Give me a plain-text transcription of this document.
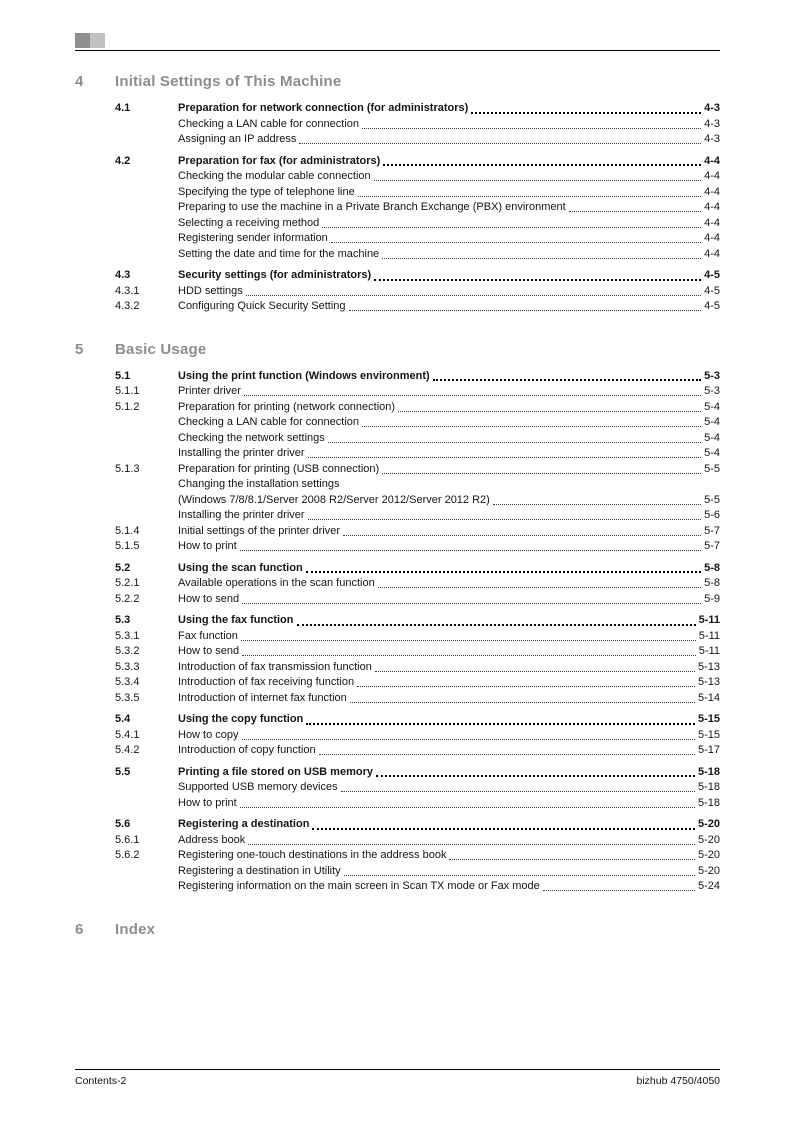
4	Initial Settings of This Machine
4.1	Preparation for network connection (for administrators)	4-3
Checking a LAN cable for connection	4-3
Assigning an IP address	4-3
4.2	Preparation for fax (for administrators)	4-4
Checking the modular cable connection	4-4
Specifying the type of telephone line	4-4
Preparing to use the machine in a Private Branch Exchange (PBX) environment	4-4
Selecting a receiving method	4-4
Registering sender information	4-4
Setting the date and time for the machine	4-4
4.3	Security settings (for administrators)	4-5
4.3.1	HDD settings	4-5
4.3.2	Configuring Quick Security Setting	4-5
5	Basic Usage
5.1	Using the print function (Windows environment)	5-3
5.1.1	Printer driver	5-3
5.1.2	Preparation for printing (network connection)	5-4
Checking a LAN cable for connection	5-4
Checking the network settings	5-4
Installing the printer driver	5-4
5.1.3	Preparation for printing (USB connection)	5-5
Changing the installation settings
(Windows 7/8/8.1/Server 2008 R2/Server 2012/Server 2012 R2)	5-5
Installing the printer driver	5-6
5.1.4	Initial settings of the printer driver	5-7
5.1.5	How to print	5-7
5.2	Using the scan function	5-8
5.2.1	Available operations in the scan function	5-8
5.2.2	How to send	5-9
5.3	Using the fax function	5-11
5.3.1	Fax function	5-11
5.3.2	How to send	5-11
5.3.3	Introduction of fax transmission function	5-13
5.3.4	Introduction of fax receiving function	5-13
5.3.5	Introduction of internet fax function	5-14
5.4	Using the copy function	5-15
5.4.1	How to copy	5-15
5.4.2	Introduction of copy function	5-17
5.5	Printing a file stored on USB memory	5-18
Supported USB memory devices	5-18
How to print	5-18
5.6	Registering a destination	5-20
5.6.1	Address book	5-20
5.6.2	Registering one-touch destinations in the address book	5-20
Registering a destination in Utility	5-20
Registering information on the main screen in Scan TX mode or Fax mode	5-24
6	Index
Contents-2	bizhub 4750/4050
